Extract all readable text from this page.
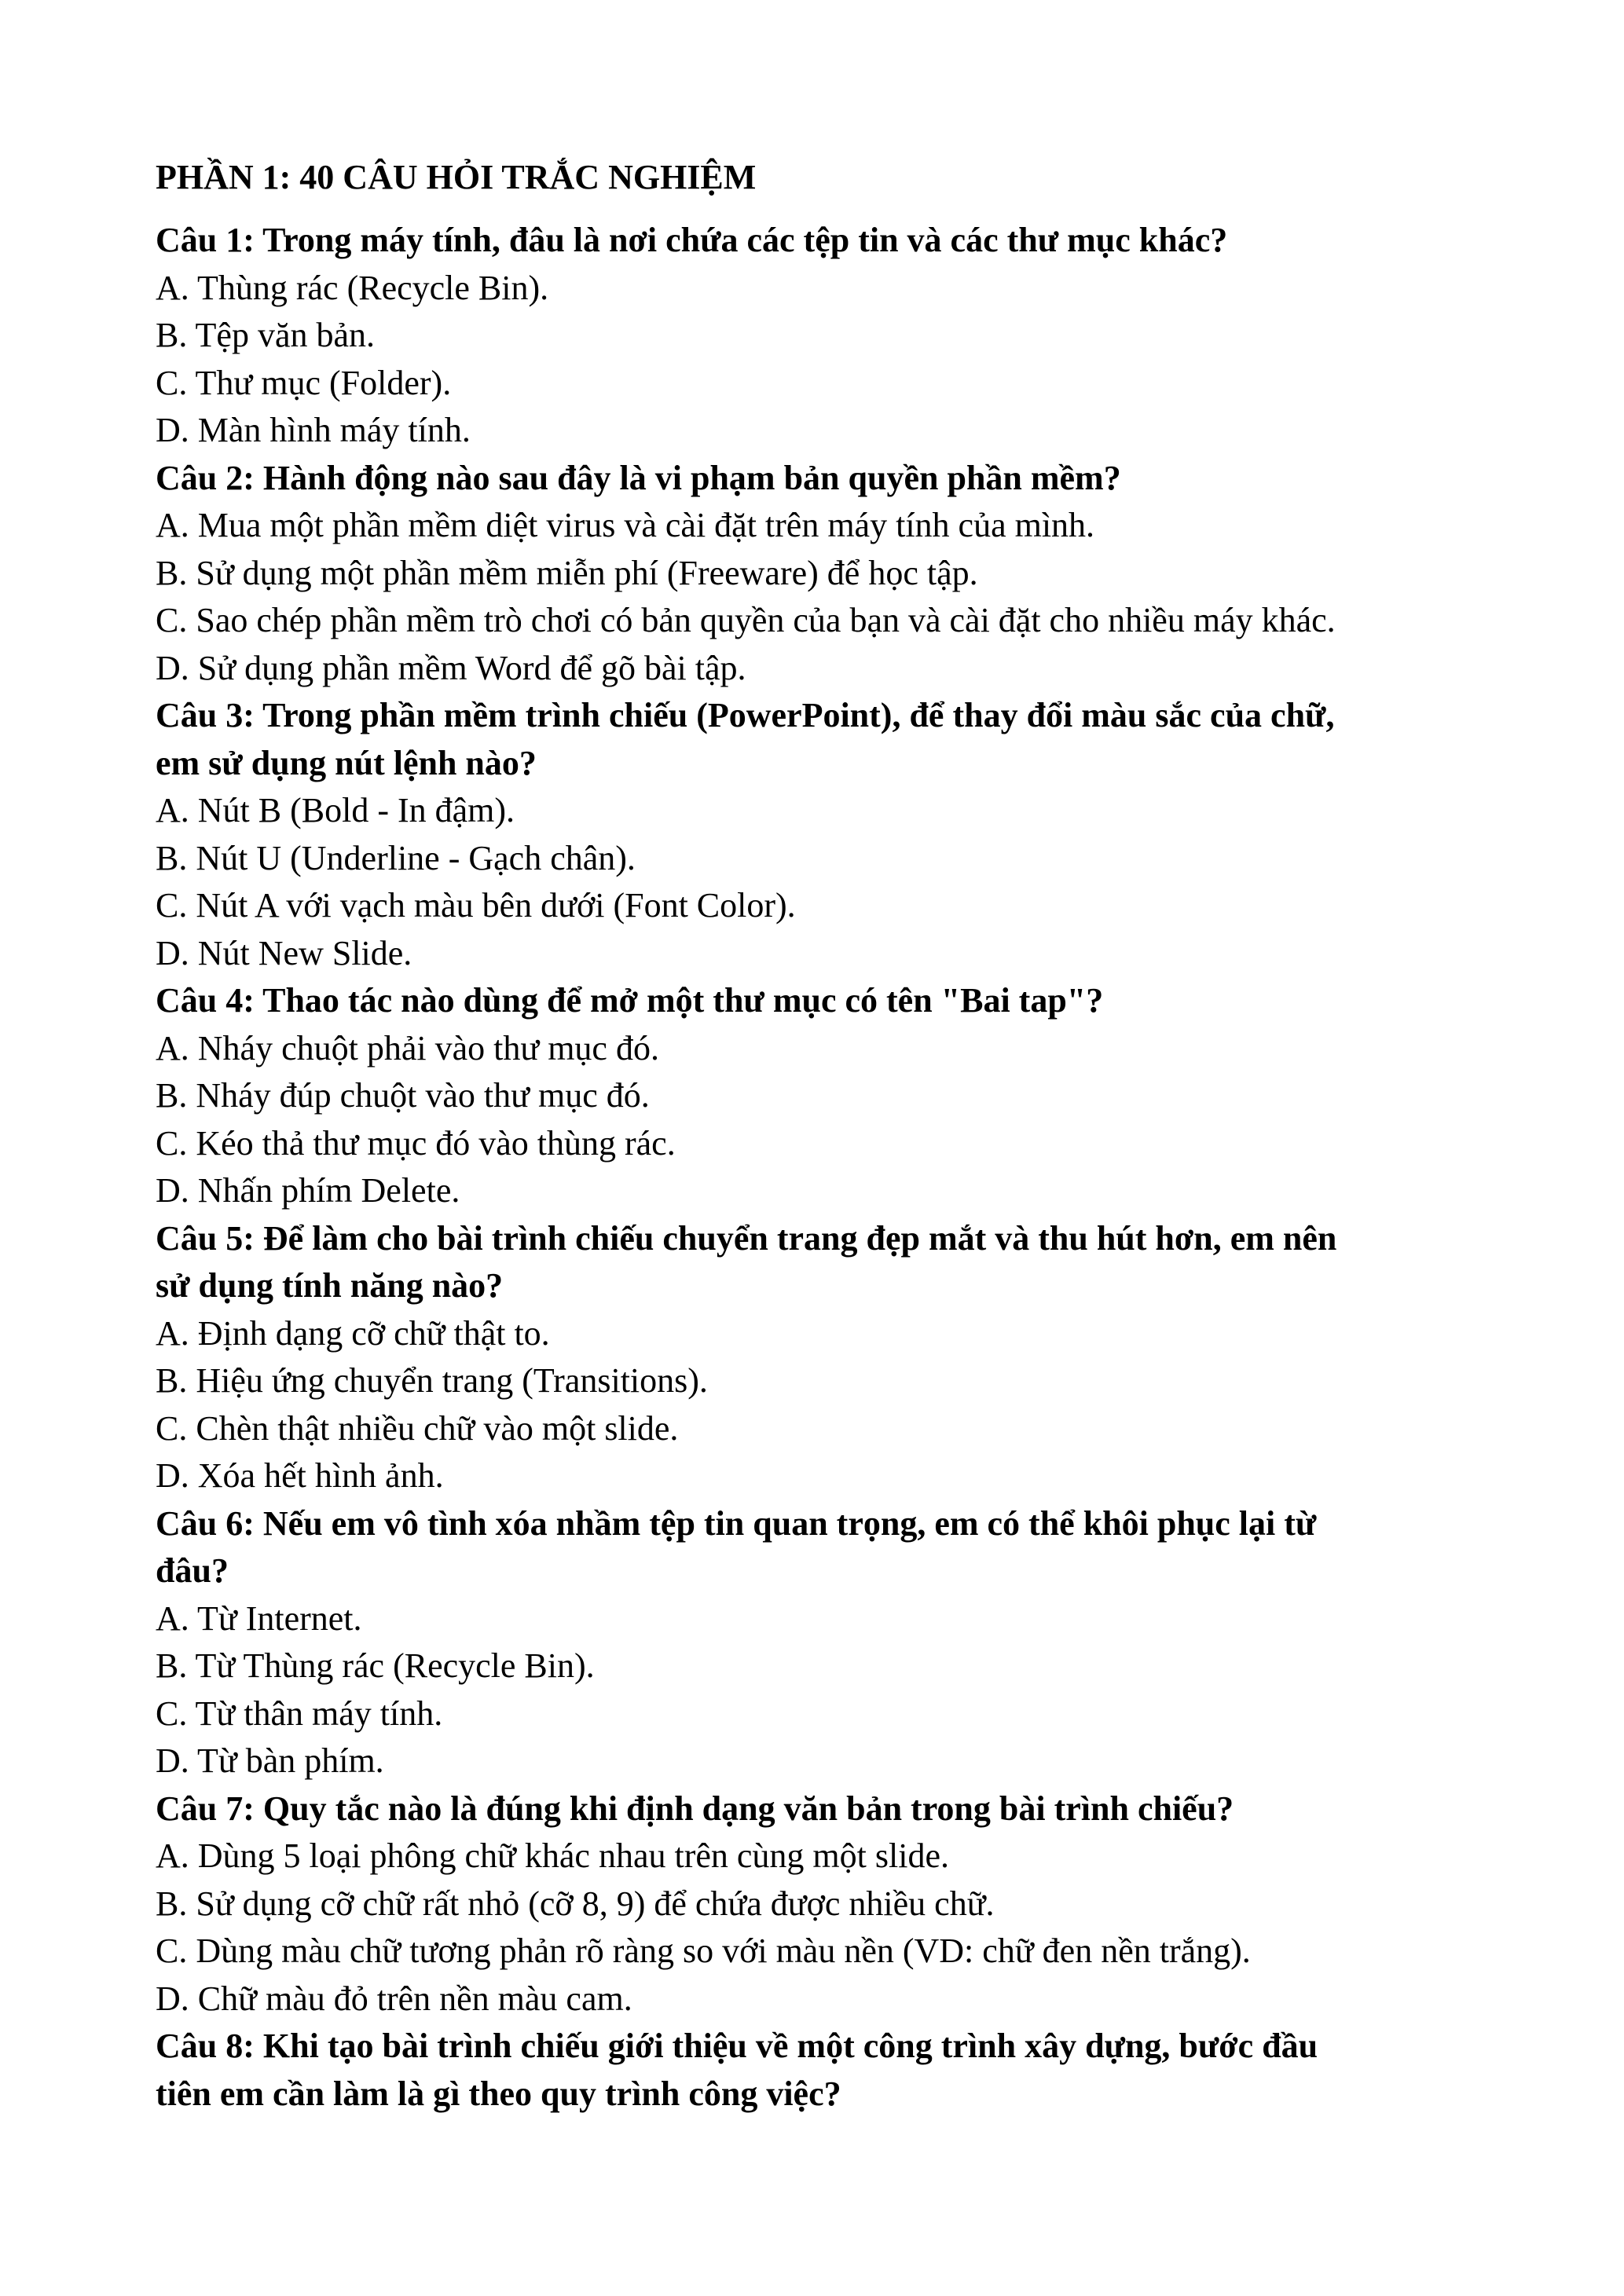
PHẦN 1: 40 CÂU HỎI TRẮC NGHIỆM

Câu 1: Trong máy tính, đâu là nơi chứa các tệp tin và các thư mục khác?

A. Thùng rác (Recycle Bin).

B. Tệp văn bản.

C. Thư mục (Folder).

D. Màn hình máy tính.

Câu 2: Hành động nào sau đây là vi phạm bản quyền phần mềm?

A. Mua một phần mềm diệt virus và cài đặt trên máy tính của mình.

B. Sử dụng một phần mềm miễn phí (Freeware) để học tập.

C. Sao chép phần mềm trò chơi có bản quyền của bạn và cài đặt cho nhiều máy khác.

D. Sử dụng phần mềm Word để gõ bài tập.

Câu 3: Trong phần mềm trình chiếu (PowerPoint), để thay đổi màu sắc của chữ,

em sử dụng nút lệnh nào?

A. Nút B (Bold - In đậm).

B. Nút U (Underline - Gạch chân).

C. Nút A với vạch màu bên dưới (Font Color).

D. Nút New Slide.

Câu 4: Thao tác nào dùng để mở một thư mục có tên "Bai tap"?

A. Nháy chuột phải vào thư mục đó.

B. Nháy đúp chuột vào thư mục đó.

C. Kéo thả thư mục đó vào thùng rác.

D. Nhấn phím Delete.

Câu 5: Để làm cho bài trình chiếu chuyển trang đẹp mắt và thu hút hơn, em nên

sử dụng tính năng nào?

A. Định dạng cỡ chữ thật to.

B. Hiệu ứng chuyển trang (Transitions).

C. Chèn thật nhiều chữ vào một slide.

D. Xóa hết hình ảnh.

Câu 6: Nếu em vô tình xóa nhầm tệp tin quan trọng, em có thể khôi phục lại từ

đâu?

A. Từ Internet.

B. Từ Thùng rác (Recycle Bin).

C. Từ thân máy tính.

D. Từ bàn phím.

Câu 7: Quy tắc nào là đúng khi định dạng văn bản trong bài trình chiếu?

A. Dùng 5 loại phông chữ khác nhau trên cùng một slide.

B. Sử dụng cỡ chữ rất nhỏ (cỡ 8, 9) để chứa được nhiều chữ.

C. Dùng màu chữ tương phản rõ ràng so với màu nền (VD: chữ đen nền trắng).

D. Chữ màu đỏ trên nền màu cam.

Câu 8: Khi tạo bài trình chiếu giới thiệu về một công trình xây dựng, bước đầu

tiên em cần làm là gì theo quy trình công việc?
